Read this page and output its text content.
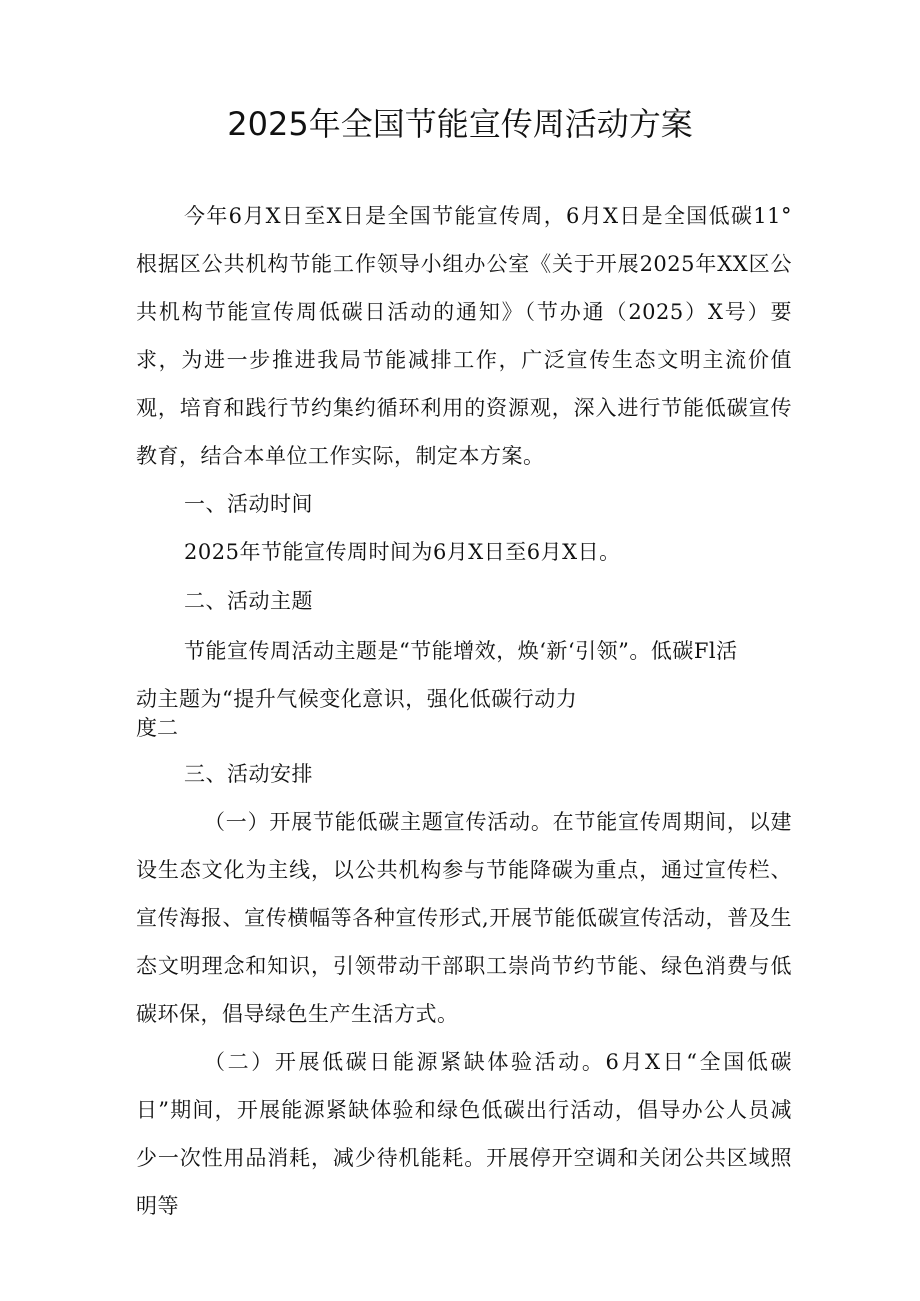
2025年全国节能宣传周活动方案

今年6月X日至X日是全国节能宣传周，6月X日是全国低碳11° 根据区公共机构节能工作领导小组办公室《关于开展2025年XX区公共机构节能宣传周低碳日活动的通知》（节办通（2025）X号）要求，为进一步推进我局节能减排工作，广泛宣传生态文明主流价值观，培育和践行节约集约循环利用的资源观，深入进行节能低碳宣传教育，结合本单位工作实际，制定本方案。

一、活动时间

2025年节能宣传周时间为6月X日至6月X日。

二、活动主题

节能宣传周活动主题是“节能增效，焕‘新‘引领”。低碳Fl活

动主题为“提升气候变化意识，强化低碳行动力

度二

三、活动安排

（一）开展节能低碳主题宣传活动。在节能宣传周期间，以建设生态文化为主线，以公共机构参与节能降碳为重点，通过宣传栏、宣传海报、宣传横幅等各种宣传形式,开展节能低碳宣传活动，普及生态文明理念和知识，引领带动干部职工崇尚节约节能、绿色消费与低碳环保，倡导绿色生产生活方式。

（二）开展低碳日能源紧缺体验活动。6月X日“全国低碳日”期间，开展能源紧缺体验和绿色低碳出行活动，倡导办公人员减少一次性用品消耗，减少待机能耗。开展停开空调和关闭公共区域照明等
